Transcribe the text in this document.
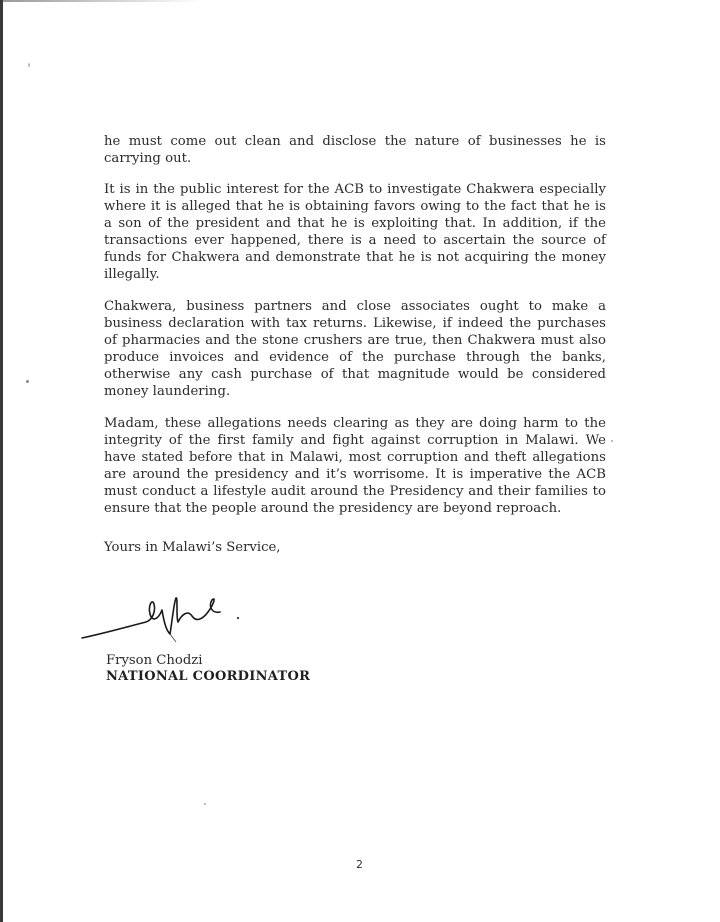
he must come out clean and disclose the nature of businesses he is carrying out.

It is in the public interest for the ACB to investigate Chakwera especially where it is alleged that he is obtaining favors owing to the fact that he is a son of the president and that he is exploiting that. In addition, if the transactions ever happened, there is a need to ascertain the source of funds for Chakwera and demonstrate that he is not acquiring the money illegally.

Chakwera, business partners and close associates ought to make a business declaration with tax returns. Likewise, if indeed the purchases of pharmacies and the stone crushers are true, then Chakwera must also produce invoices and evidence of the purchase through the banks, otherwise any cash purchase of that magnitude would be considered money laundering.

Madam, these allegations needs clearing as they are doing harm to the integrity of the first family and fight against corruption in Malawi. We have stated before that in Malawi, most corruption and theft allegations are around the presidency and it’s worrisome. It is imperative the ACB must conduct a lifestyle audit around the Presidency and their families to ensure that the people around the presidency are beyond reproach.

Yours in Malawi’s Service,
Fryson Chodzi
NATIONAL COORDINATOR
2
